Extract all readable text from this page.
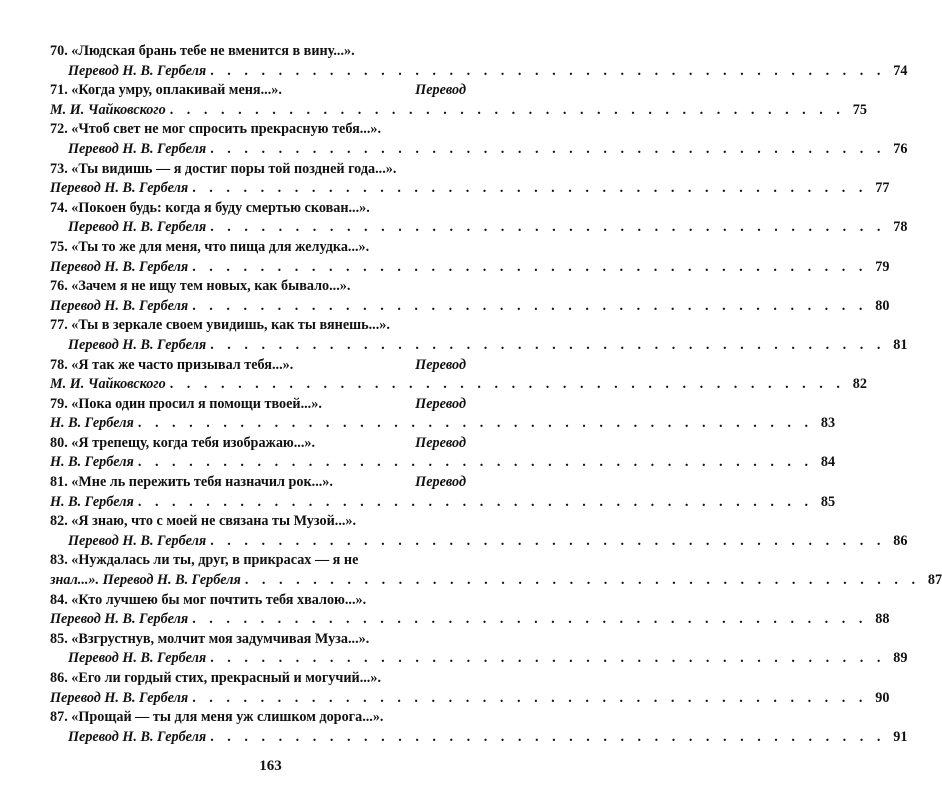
70. «Людская брань тебе не вменится в вину...».
Перевод Н. В. Гербеля . . . . . . . . . . . . . . . . . . . . . . . . . . . . . . . . . . . . . . . . 74
71. «Когда умру, оплакивай меня...».	Перевод
М. И. Чайковского . . . . . . . . . . . . . . . . . . . . . . . . . . . . . . . . . . . . . . . . 75
72. «Чтоб свет не мог спросить прекрасную тебя...».
Перевод Н. В. Гербеля . . . . . . . . . . . . . . . . . . . . . . . . . . . . . . . . . . . . . . . . 76
73. «Ты видишь — я достиг поры той поздней года...».
Перевод Н. В. Гербеля . . . . . . . . . . . . . . . . . . . . . . . . . . . . . . . . . . . . . . . . 77
74. «Покоен будь: когда я буду смертью скован...».
Перевод Н. В. Гербеля . . . . . . . . . . . . . . . . . . . . . . . . . . . . . . . . . . . . . . . . 78
75. «Ты то же для меня, что пища для желудка...».
Перевод Н. В. Гербеля . . . . . . . . . . . . . . . . . . . . . . . . . . . . . . . . . . . . . . . . 79
76. «Зачем я не ищу тем новых, как бывало...».
Перевод Н. В. Гербеля . . . . . . . . . . . . . . . . . . . . . . . . . . . . . . . . . . . . . . . . 80
77. «Ты в зеркале своем увидишь, как ты вянешь...».
Перевод Н. В. Гербеля . . . . . . . . . . . . . . . . . . . . . . . . . . . . . . . . . . . . . . . . 81
78. «Я так же часто призывал тебя...».	Перевод
М. И. Чайковского . . . . . . . . . . . . . . . . . . . . . . . . . . . . . . . . . . . . . . . . 82
79. «Пока один просил я помощи твоей...».	Перевод
Н. В. Гербеля . . . . . . . . . . . . . . . . . . . . . . . . . . . . . . . . . . . . . . . . 83
80. «Я трепещу, когда тебя изображаю...».	Перевод
Н. В. Гербеля . . . . . . . . . . . . . . . . . . . . . . . . . . . . . . . . . . . . . . . . 84
81. «Мне ль пережить тебя назначил рок...».	Перевод
Н. В. Гербеля . . . . . . . . . . . . . . . . . . . . . . . . . . . . . . . . . . . . . . . . 85
82. «Я знаю, что с моей не связана ты Музой...».
Перевод Н. В. Гербеля . . . . . . . . . . . . . . . . . . . . . . . . . . . . . . . . . . . . . . . . 86
83. «Нуждалась ли ты, друг, в прикрасах — я не
знал...». Перевод Н. В. Гербеля . . . . . . . . . . . . . . . . . . . . . . . . . . . . . . . . . . . . . . . . 87
84. «Кто лучшею бы мог почтить тебя хвалою...».
Перевод Н. В. Гербеля . . . . . . . . . . . . . . . . . . . . . . . . . . . . . . . . . . . . . . . . 88
85. «Взгрустнув, молчит моя задумчивая Муза...».
Перевод Н. В. Гербеля . . . . . . . . . . . . . . . . . . . . . . . . . . . . . . . . . . . . . . . . 89
86. «Его ли гордый стих, прекрасный и могучий...».
Перевод Н. В. Гербеля . . . . . . . . . . . . . . . . . . . . . . . . . . . . . . . . . . . . . . . . 90
87. «Прощай — ты для меня уж слишком дорога...».
Перевод Н. В. Гербеля . . . . . . . . . . . . . . . . . . . . . . . . . . . . . . . . . . . . . . . . 91
163
